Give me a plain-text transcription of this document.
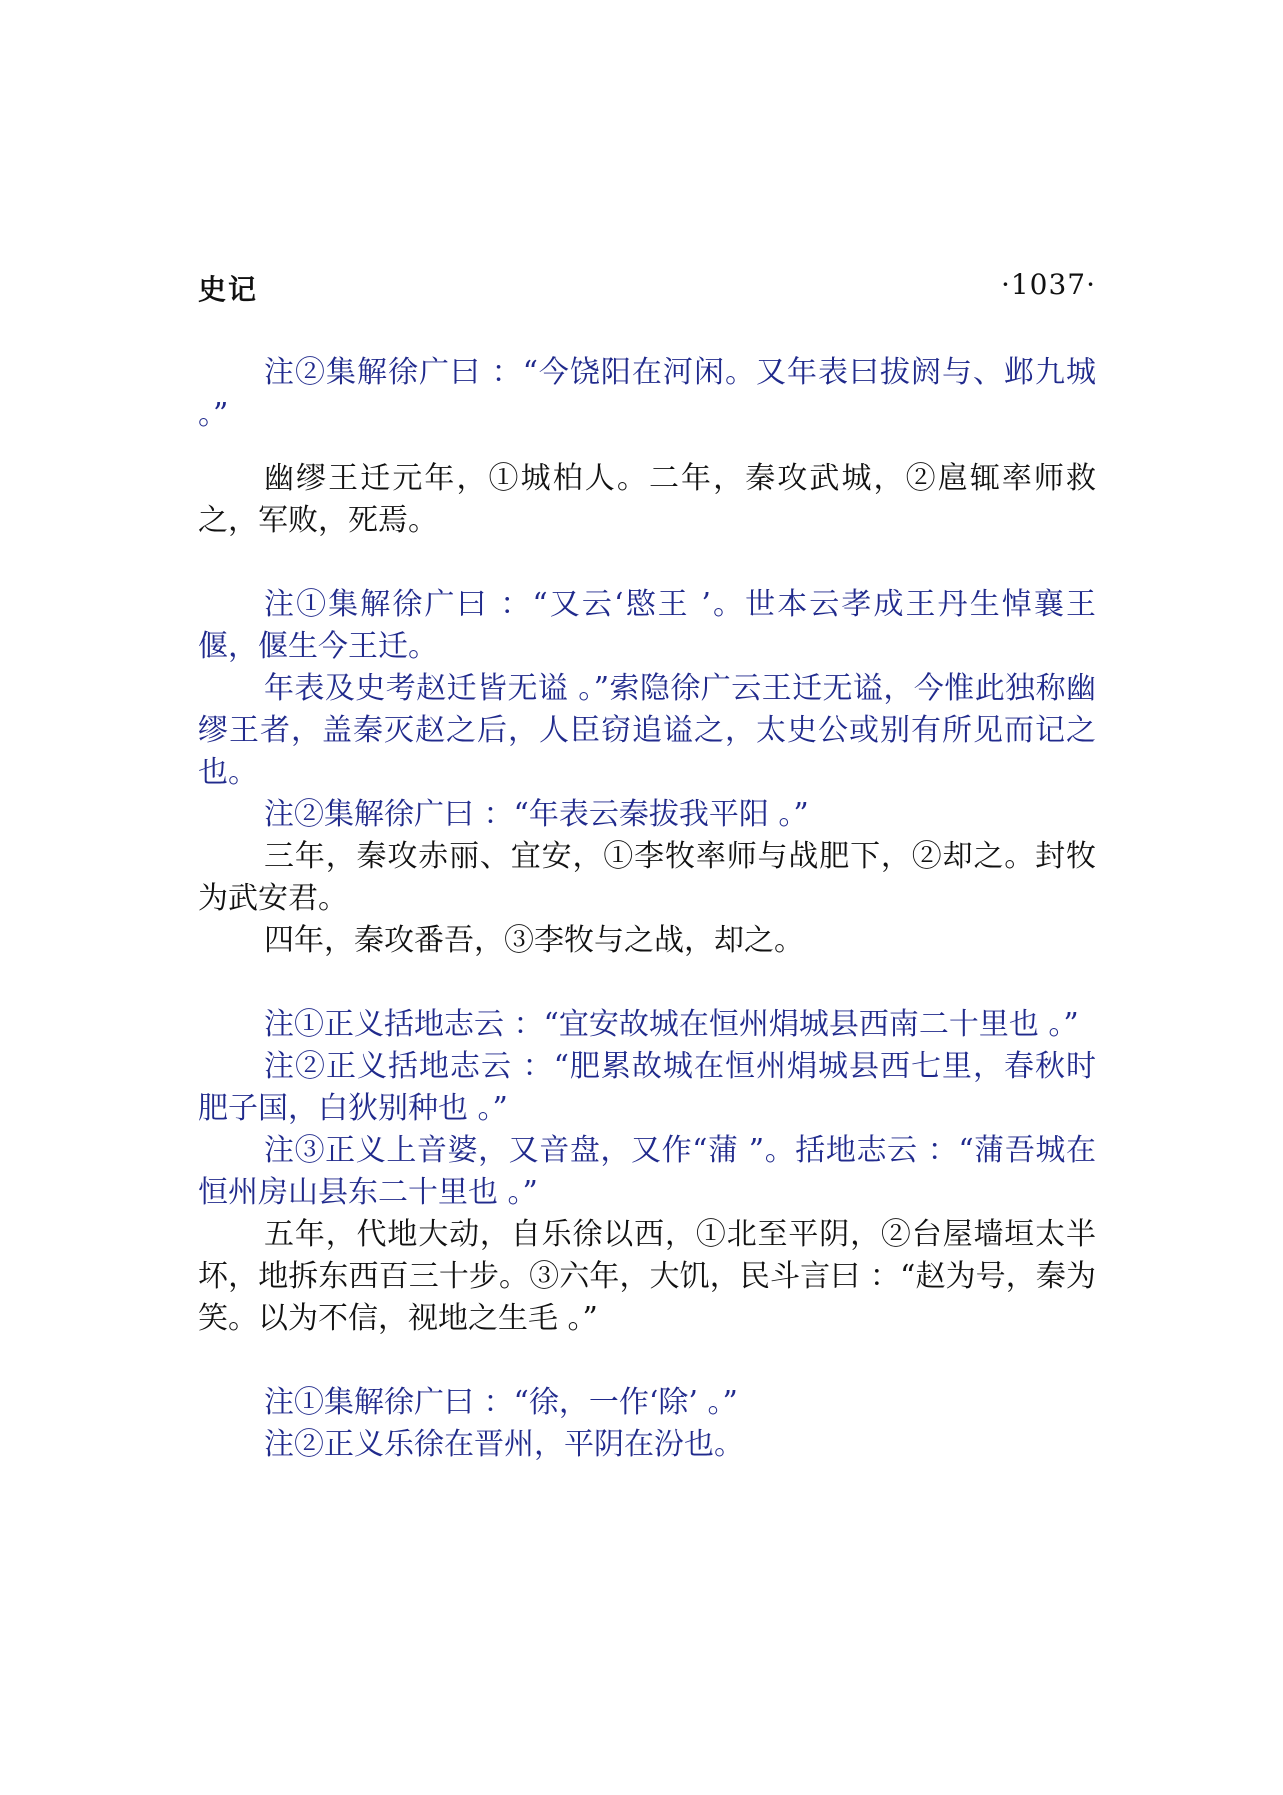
史记	·1037·

注②集解徐广曰 ：“今饶阳在河闲。又年表曰拔阏与、邺九城 。”

幽缪王迁元年，①城柏人。二年，秦攻武城，②扈辄率师救之，军败，死焉。

注①集解徐广曰 ：“又云‘愍王 ’。世本云孝成王丹生悼襄王偃，偃生今王迁。

年表及史考赵迁皆无谥 。”索隐徐广云王迁无谥，今惟此独称幽缪王者，盖秦灭赵之后，人臣窃追谥之，太史公或别有所见而记之也。

注②集解徐广曰 ：“年表云秦拔我平阳 。”

三年，秦攻赤丽、宜安，①李牧率师与战肥下，②却之。封牧为武安君。

四年，秦攻番吾，③李牧与之战，却之。

注①正义括地志云 ：“宜安故城在恒州焆城县西南二十里也 。”

注②正义括地志云 ：“肥累故城在恒州焆城县西七里，春秋时肥子国，白狄别种也 。”

注③正义上音婆，又音盘，又作“蒲 ”。括地志云 ：“蒲吾城在恒州房山县东二十里也 。”

五年，代地大动，自乐徐以西，①北至平阴，②台屋墙垣太半坏，地拆东西百三十步。③六年，大饥，民斗言曰 ：“赵为号，秦为笑。以为不信，视地之生毛 。”

注①集解徐广曰 ：“徐，一作‘除’ 。”

注②正义乐徐在晋州，平阴在汾也。
